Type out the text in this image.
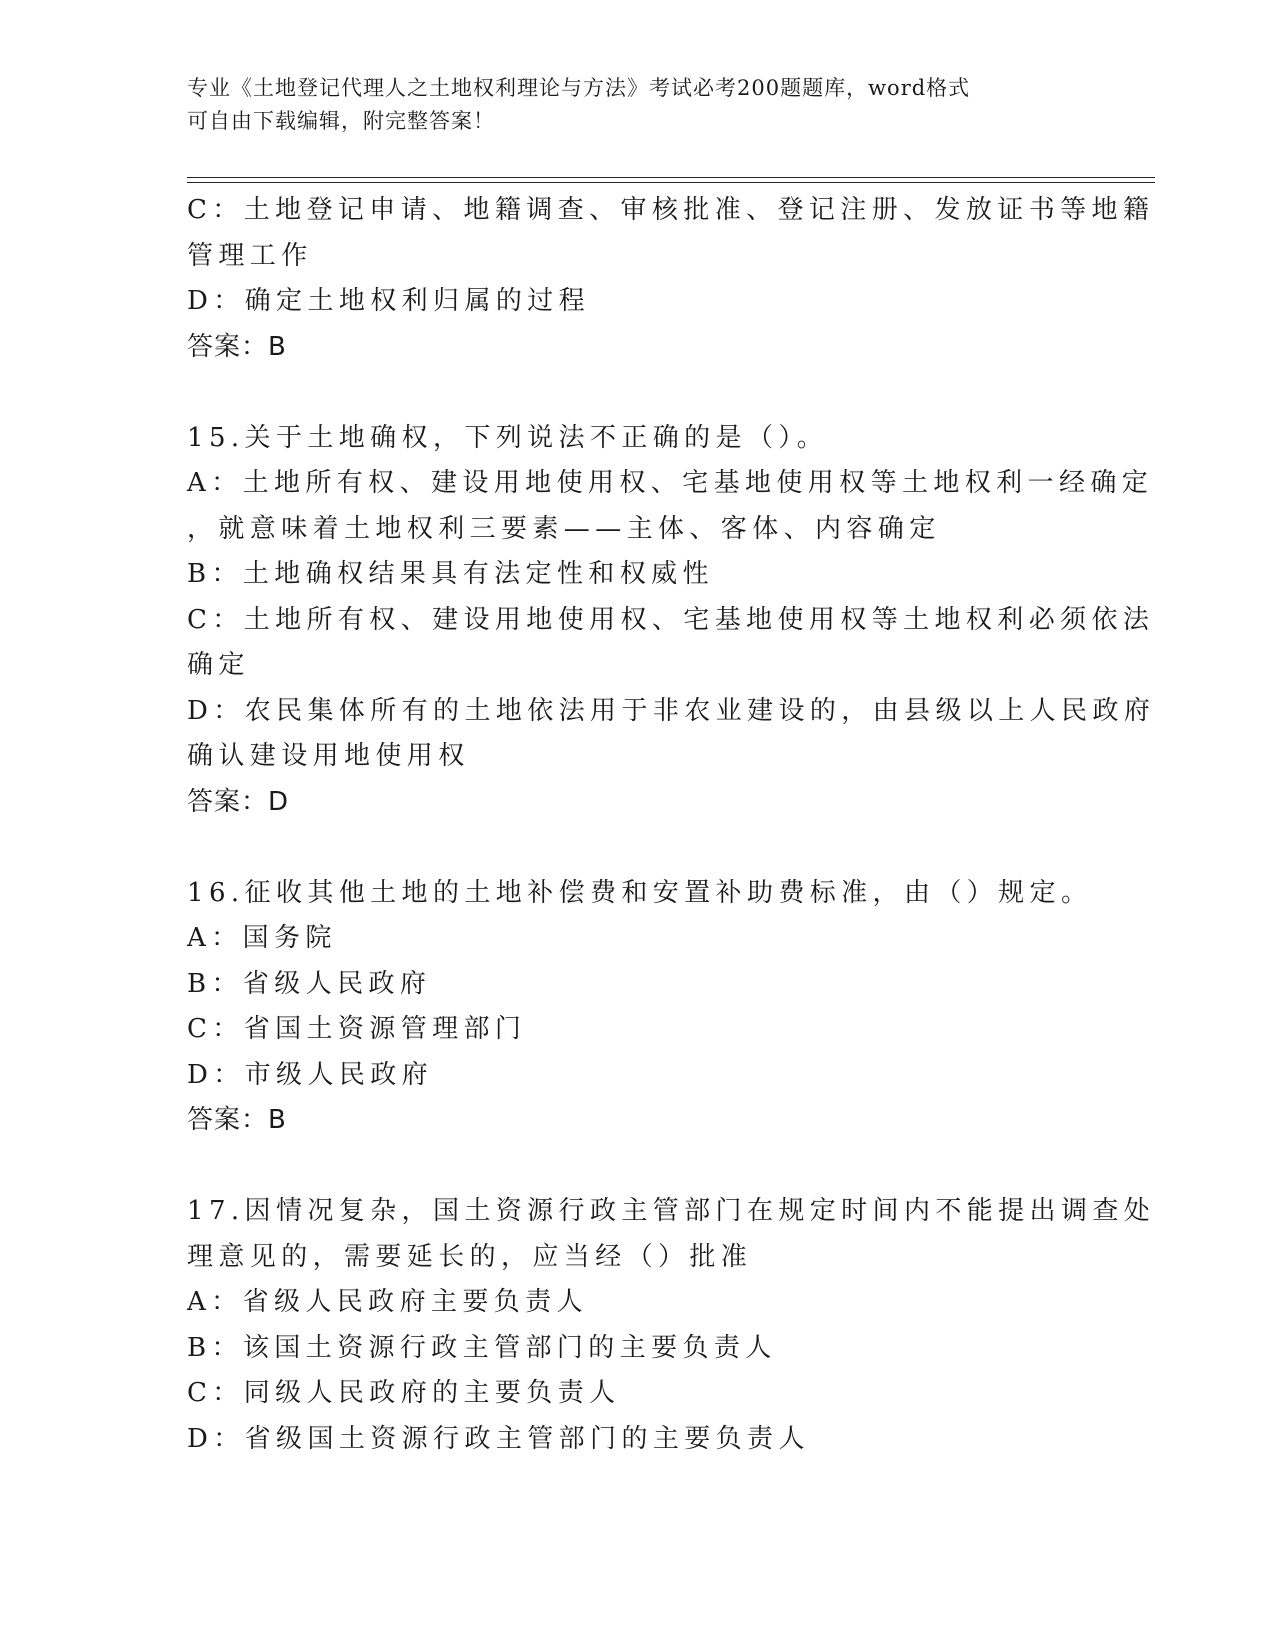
专业《土地登记代理人之土地权利理论与方法》考试必考200题题库，word格式
可自由下载编辑，附完整答案！
C：土地登记申请、地籍调查、审核批准、登记注册、发放证书等地籍
管理工作
D：确定土地权利归属的过程
答案：B
15.关于土地确权，下列说法不正确的是（）。
A：土地所有权、建设用地使用权、宅基地使用权等土地权利一经确定
，就意味着土地权利三要素——主体、客体、内容确定
B：土地确权结果具有法定性和权威性
C：土地所有权、建设用地使用权、宅基地使用权等土地权利必须依法
确定
D：农民集体所有的土地依法用于非农业建设的，由县级以上人民政府
确认建设用地使用权
答案：D
16.征收其他土地的土地补偿费和安置补助费标准，由（）规定。
A：国务院
B：省级人民政府
C：省国土资源管理部门
D：市级人民政府
答案：B
17.因情况复杂，国土资源行政主管部门在规定时间内不能提出调查处
理意见的，需要延长的，应当经（）批准
A：省级人民政府主要负责人
B：该国土资源行政主管部门的主要负责人
C：同级人民政府的主要负责人
D：省级国土资源行政主管部门的主要负责人
